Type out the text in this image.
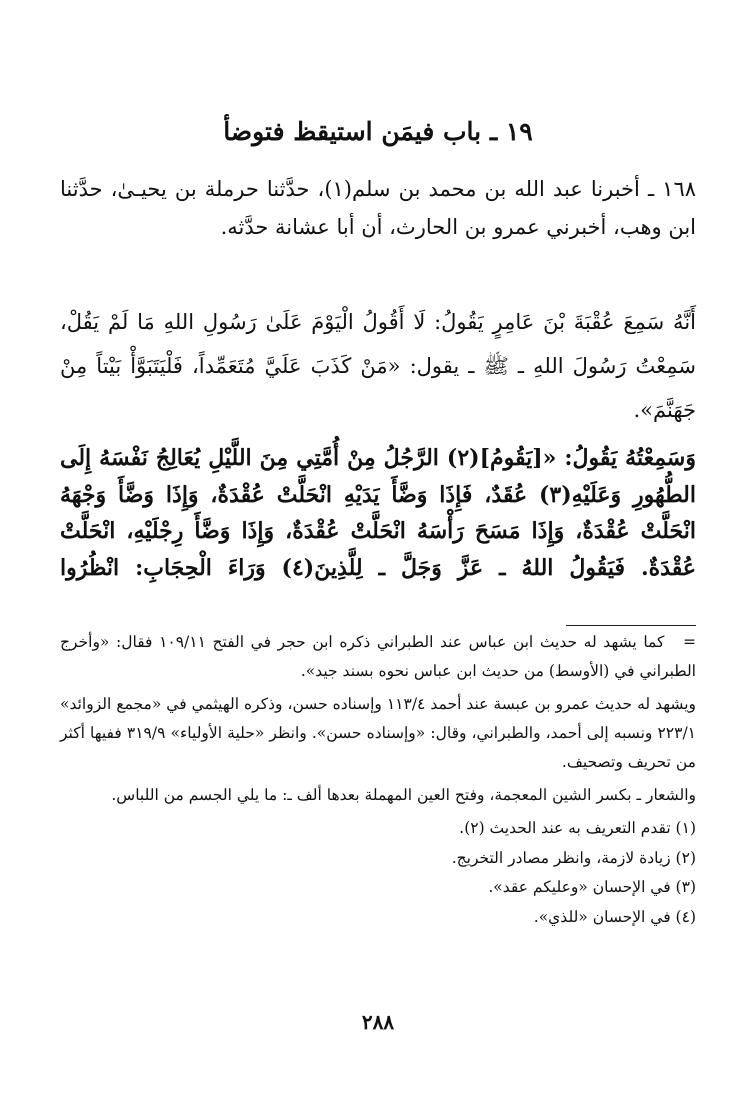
١٩ ـ باب فيمَن استيقظ فتوضأ

١٦٨ ـ أخبرنا عبد الله بن محمد بن سلم(١)، حدَّثنا حرملة بن يحيـىٰ، حدَّثنا ابن وهب، أخبرني عمرو بن الحارث، أن أبا عشانة حدَّثه.

أَنَّهُ سَمِعَ عُقْبَةَ بْنَ عَامِرٍ يَقُولُ: لَا أَقُولُ الْيَوْمَ عَلَىٰ رَسُولِ اللهِ مَا لَمْ يَقُلْ، سَمِعْتُ رَسُولَ اللهِ ـ ﷺ ـ يقول: «مَنْ كَذَبَ عَلَيَّ مُتَعَمِّداً، فَلْيَتَبَوَّأْ بَيْتاً مِنْ جَهَنَّمَ».

وَسَمِعْتُهُ يَقُولُ: «[يَقُومُ](٢) الرَّجُلُ مِنْ أُمَّتِي مِنَ اللَّيْلِ يُعَالِجُ نَفْسَهُ إِلَى الطُّهُورِ وَعَلَيْهِ(٣) عُقَدٌ، فَإِذَا وَضَّأَ يَدَيْهِ انْحَلَّتْ عُقْدَةٌ، وَإِذَا وَضَّأَ وَجْهَهُ انْحَلَّتْ عُقْدَةٌ، وَإِذَا مَسَحَ رَأْسَهُ انْحَلَّتْ عُقْدَةٌ، وَإِذَا وَضَّأَ رِجْلَيْهِ، انْحَلَّتْ عُقْدَةٌ. فَيَقُولُ اللهُ ـ عَزَّ وَجَلَّ ـ لِلَّذِينَ(٤) وَرَاءَ الْحِجَابِ: انْظُرُوا

= كما يشهد له حديث ابن عباس عند الطبراني ذكره ابن حجر في الفتح ١٠٩/١١ فقال: «وأخرج الطبراني في (الأوسط) من حديث ابن عباس نحوه بسند جيد».

ويشهد له حديث عمرو بن عبسة عند أحمد ١١٣/٤ وإسناده حسن، وذكره الهيثمي في «مجمع الزوائد» ٢٢٣/١ ونسبه إلى أحمد، والطبراني، وقال: «وإسناده حسن». وانظر «حلية الأولياء» ٣١٩/٩ ففيها أكثر من تحريف وتصحيف.

والشعار ـ بكسر الشين المعجمة، وفتح العين المهملة بعدها ألف ـ: ما يلي الجسم من اللباس.

(١) تقدم التعريف به عند الحديث (٢).
(٢) زيادة لازمة، وانظر مصادر التخريج.
(٣) في الإحسان «وعليكم عقد».
(٤) في الإحسان «للذي».
٢٨٨
